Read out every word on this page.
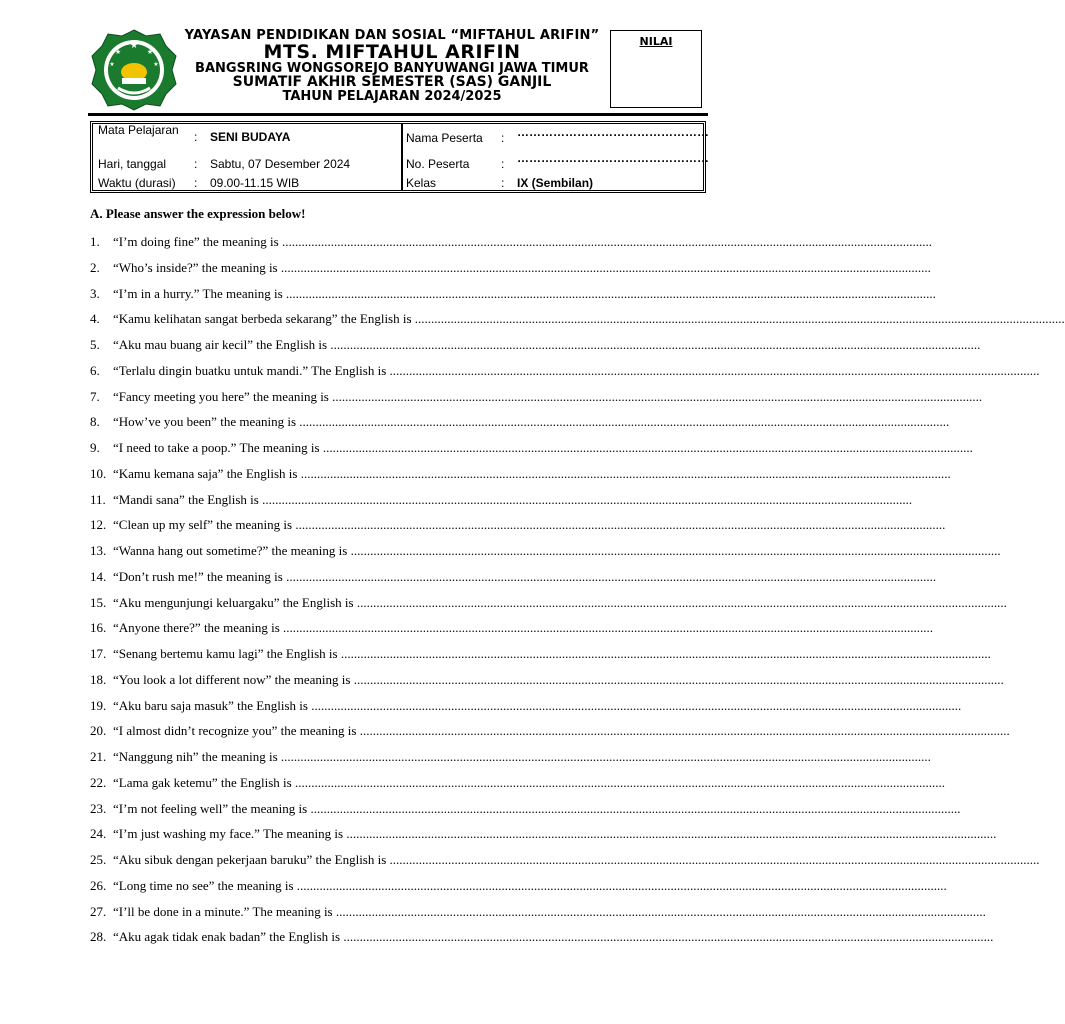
★
★	★
★	★
YAYASAN PENDIDIKAN DAN SOSIAL “MIFTAHUL ARIFIN”
MTS. MIFTAHUL ARIFIN
BANGSRING WONGSOREJO BANYUWANGI JAWA TIMUR
SUMATIF AKHIR SEMESTER (SAS) GANJIL
TAHUN PELAJARAN 2024/2025
NILAI
Mata Pelajaran	: SENI BUDAYA
Hari, tanggal : Sabtu, 07 Desember 2024
Waktu (durasi) : 09.00-11.15 WIB
Nama Peserta : …………………………………………
No. Peserta	: …………………………………………
Kelas	: IX (Sembilan)
A. Please answer the expression below!
1. “I’m doing fine” the meaning is ........................................................................................................................................................................................................
2. “Who’s inside?” the meaning is ........................................................................................................................................................................................................
3. “I’m in a hurry.” The meaning is ........................................................................................................................................................................................................
4. “Kamu kelihatan sangat berbeda sekarang” the English is ........................................................................................................................................................................................................
5. “Aku mau buang air kecil” the English is ........................................................................................................................................................................................................
6. “Terlalu dingin buatku untuk mandi.” The English is ........................................................................................................................................................................................................
7. “Fancy meeting you here” the meaning is ........................................................................................................................................................................................................
8. “How’ve you been” the meaning is ........................................................................................................................................................................................................
9. “I need to take a poop.” The meaning is ........................................................................................................................................................................................................
10. “Kamu kemana saja” the English is ........................................................................................................................................................................................................
11. “Mandi sana” the English is ........................................................................................................................................................................................................
12. “Clean up my self” the meaning is ........................................................................................................................................................................................................
13. “Wanna hang out sometime?” the meaning is ........................................................................................................................................................................................................
14. “Don’t rush me!” the meaning is ........................................................................................................................................................................................................
15. “Aku mengunjungi keluargaku” the English is ........................................................................................................................................................................................................
16. “Anyone there?” the meaning is ........................................................................................................................................................................................................
17. “Senang bertemu kamu lagi” the English is ........................................................................................................................................................................................................
18. “You look a lot different now” the meaning is ........................................................................................................................................................................................................
19. “Aku baru saja masuk” the English is ........................................................................................................................................................................................................
20. “I almost didn’t recognize you” the meaning is ........................................................................................................................................................................................................
21. “Nanggung nih” the meaning is ........................................................................................................................................................................................................
22. “Lama gak ketemu” the English is ........................................................................................................................................................................................................
23. “I’m not feeling well” the meaning is ........................................................................................................................................................................................................
24. “I’m just washing my face.” The meaning is ........................................................................................................................................................................................................
25. “Aku sibuk dengan pekerjaan baruku” the English is ........................................................................................................................................................................................................
26. “Long time no see” the meaning is ........................................................................................................................................................................................................
27. “I’ll be done in a minute.” The meaning is ........................................................................................................................................................................................................
28. “Aku agak tidak enak badan” the English is ........................................................................................................................................................................................................
